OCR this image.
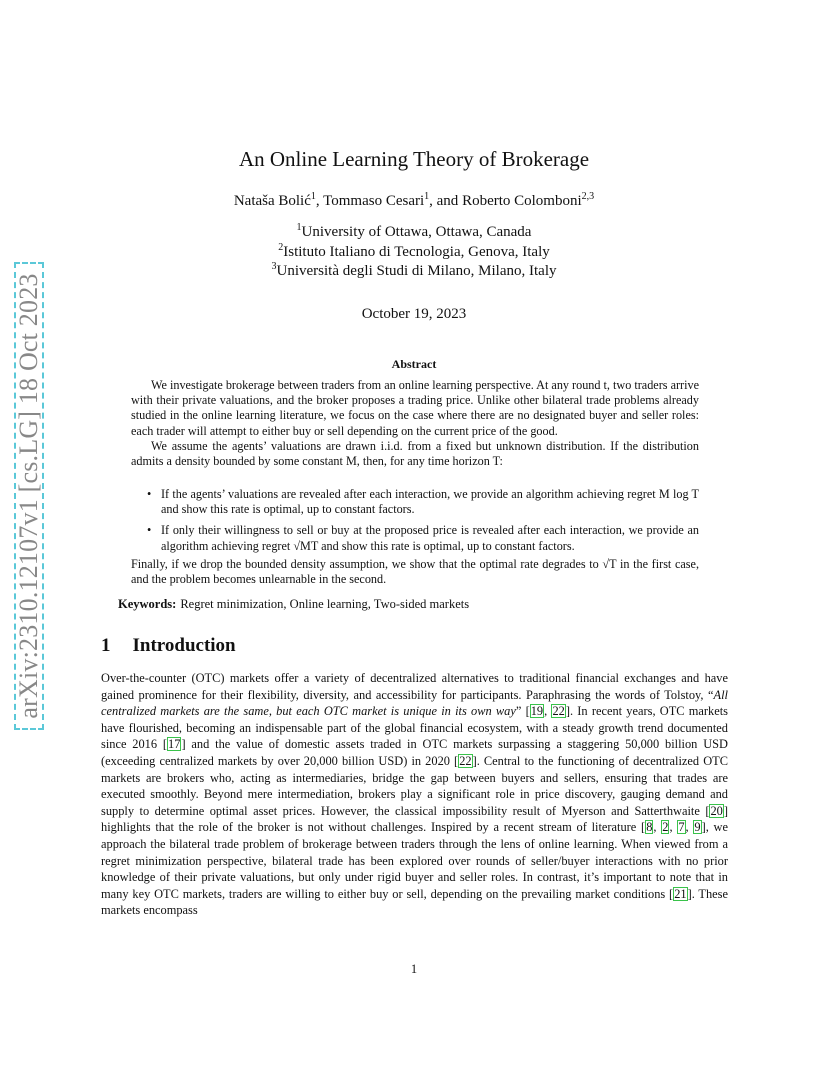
arXiv:2310.12107v1 [cs.LG] 18 Oct 2023
An Online Learning Theory of Brokerage
Nataša Bolić$^1$, Tommaso Cesari$^1$, and Roberto Colomboni$^{2,3}$
$^1$University of Ottawa, Ottawa, Canada
$^2$Istituto Italiano di Tecnologia, Genova, Italy
$^3$Università degli Studi di Milano, Milano, Italy
October 19, 2023
Abstract

We investigate brokerage between traders from an online learning perspective. At any round t, two traders arrive with their private valuations, and the broker proposes a trading price. Unlike other bilateral trade problems already studied in the online learning literature, we focus on the case where there are no designated buyer and seller roles: each trader will attempt to either buy or sell depending on the current price of the good.

We assume the agents’ valuations are drawn i.i.d. from a fixed but unknown distribution. If the distribution admits a density bounded by some constant M, then, for any time horizon T:

• If the agents’ valuations are revealed after each interaction, we provide an algorithm achieving regret M log T and show this rate is optimal, up to constant factors.
• If only their willingness to sell or buy at the proposed price is revealed after each interaction, we provide an algorithm achieving regret √MT and show this rate is optimal, up to constant factors.

Finally, if we drop the bounded density assumption, we show that the optimal rate degrades to √T in the first case, and the problem becomes unlearnable in the second.

Keywords: Regret minimization, Online learning, Two-sided markets
1 Introduction

Over-the-counter (OTC) markets offer a variety of decentralized alternatives to traditional financial exchanges and have gained prominence for their flexibility, diversity, and accessibility for participants. Paraphrasing the words of Tolstoy, “All centralized markets are the same, but each OTC market is unique in its own way” [19, 22]. In recent years, OTC markets have flourished, becoming an indispensable part of the global financial ecosystem, with a steady growth trend documented since 2016 [17] and the value of domestic assets traded in OTC markets surpassing a staggering 50,000 billion USD (exceeding centralized markets by over 20,000 billion USD) in 2020 [22]. Central to the functioning of decentralized OTC markets are brokers who, acting as intermediaries, bridge the gap between buyers and sellers, ensuring that trades are executed smoothly. Beyond mere intermediation, brokers play a significant role in price discovery, gauging demand and supply to determine optimal asset prices. However, the classical impossibility result of Myerson and Satterthwaite [20] highlights that the role of the broker is not without challenges. Inspired by a recent stream of literature [8, 2, 7, 9], we approach the bilateral trade problem of brokerage between traders through the lens of online learning. When viewed from a regret minimization perspective, bilateral trade has been explored over rounds of seller/buyer interactions with no prior knowledge of their private valuations, but only under rigid buyer and seller roles. In contrast, it’s important to note that in many key OTC markets, traders are willing to either buy or sell, depending on the prevailing market conditions [21]. These markets encompass

1
